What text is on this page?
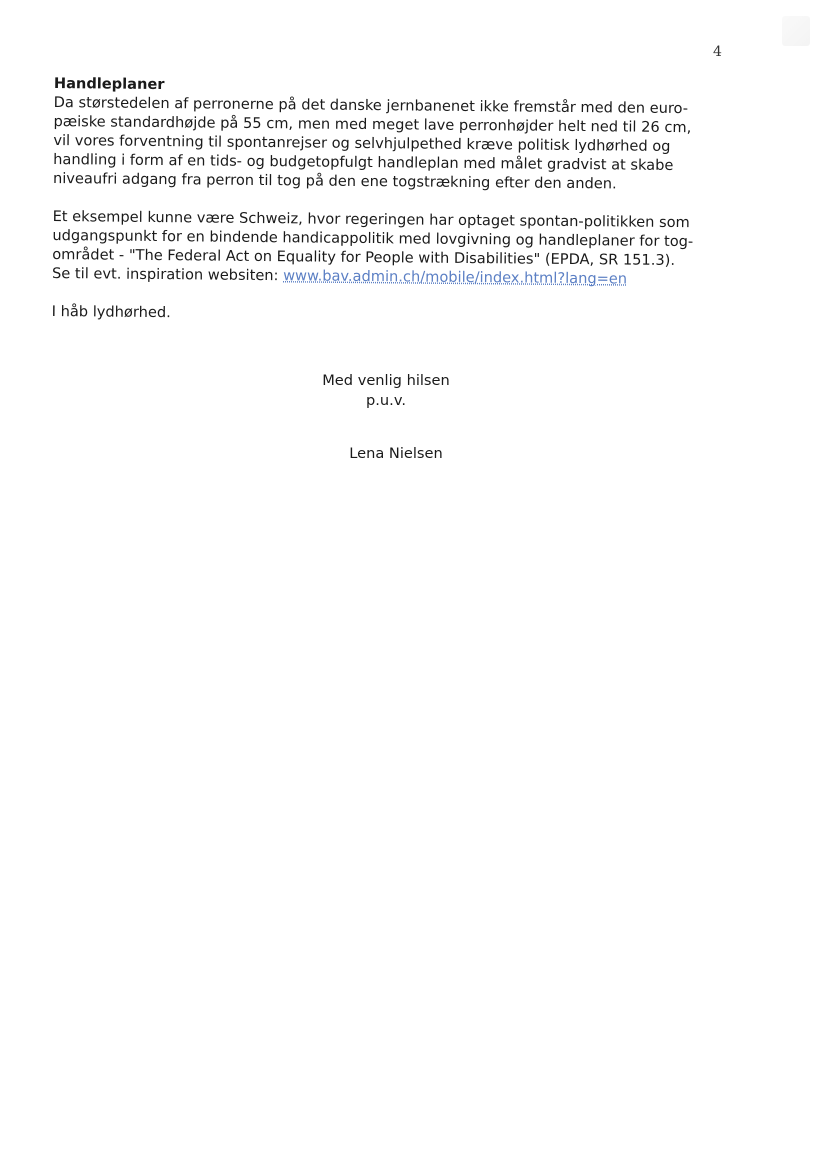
4

Handleplaner

Da størstedelen af perronerne på det danske jernbanenet ikke fremstår med den euro-

pæiske standardhøjde på 55 cm, men med meget lave perronhøjder helt ned til 26 cm,

vil vores forventning til spontanrejser og selvhjulpethed kræve politisk lydhørhed og

handling i form af en tids- og budgetopfulgt handleplan med målet gradvist at skabe

niveaufri adgang fra perron til tog på den ene togstrækning efter den anden.

Et eksempel kunne være Schweiz, hvor regeringen har optaget spontan-politikken som

udgangspunkt for en bindende handicappolitik med lovgivning og handleplaner for tog-

området - "The Federal Act on Equality for People with Disabilities" (EPDA, SR 151.3).

Se til evt. inspiration websiten: www.bav.admin.ch/mobile/index.html?lang=en

I håb lydhørhed.

Med venlig hilsen
p.u.v.
Lena Nielsen
